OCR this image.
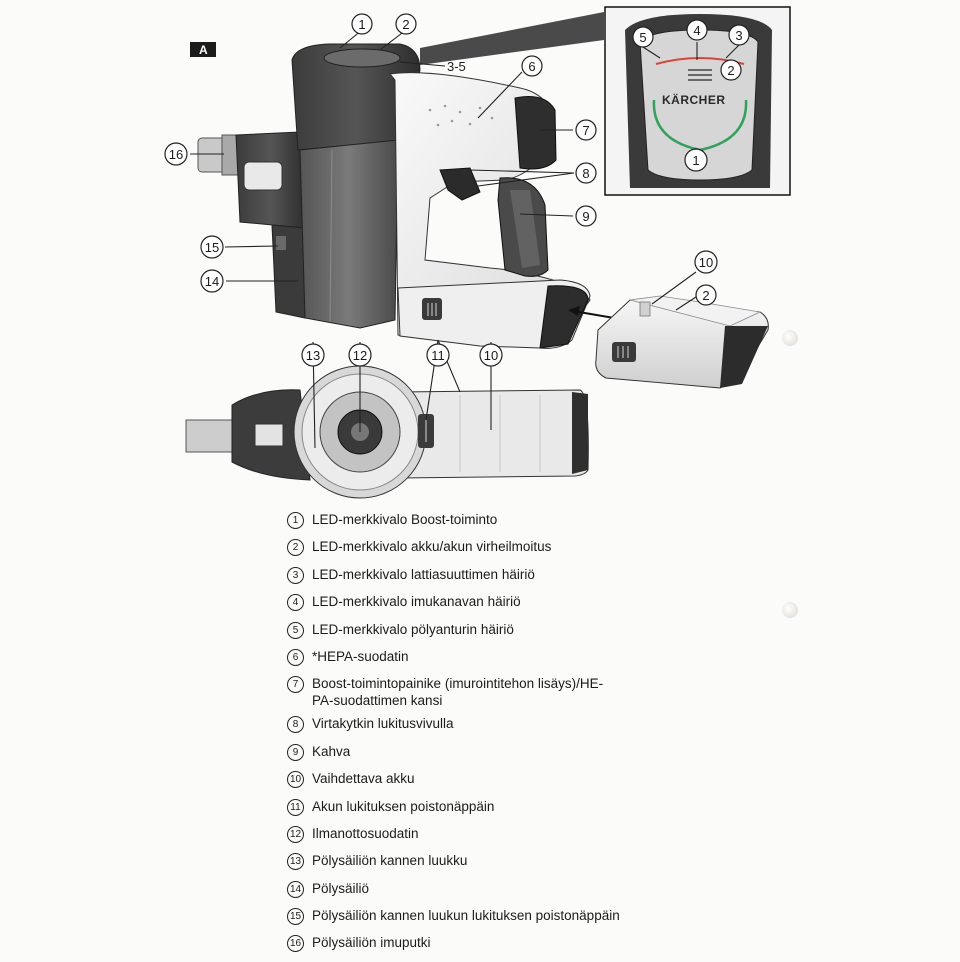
A
KÄRCHER
1	2
3-5	6
7
8
9
16
15
14
13	12	11	10
10
2
5	4	3
2
1
1	LED-merkkivalo Boost-toiminto
2	LED-merkkivalo akku/akun virheilmoitus
3	LED-merkkivalo lattiasuuttimen häiriö
4	LED-merkkivalo imukanavan häiriö
5	LED-merkkivalo pölyanturin häiriö
6	*HEPA-suodatin
7	Boost-toimintopainike (imurointitehon lisäys)/HE-
PA-suodattimen kansi
8	Virtakytkin lukitusvivulla
9	Kahva
10 Vaihdettava akku
11 Akun lukituksen poistonäppäin
12 Ilmanottosuodatin
13 Pölysäiliön kannen luukku
14 Pölysäiliö
15 Pölysäiliön kannen luukun lukituksen poistonäppäin
16 Pölysäiliön imuputki
